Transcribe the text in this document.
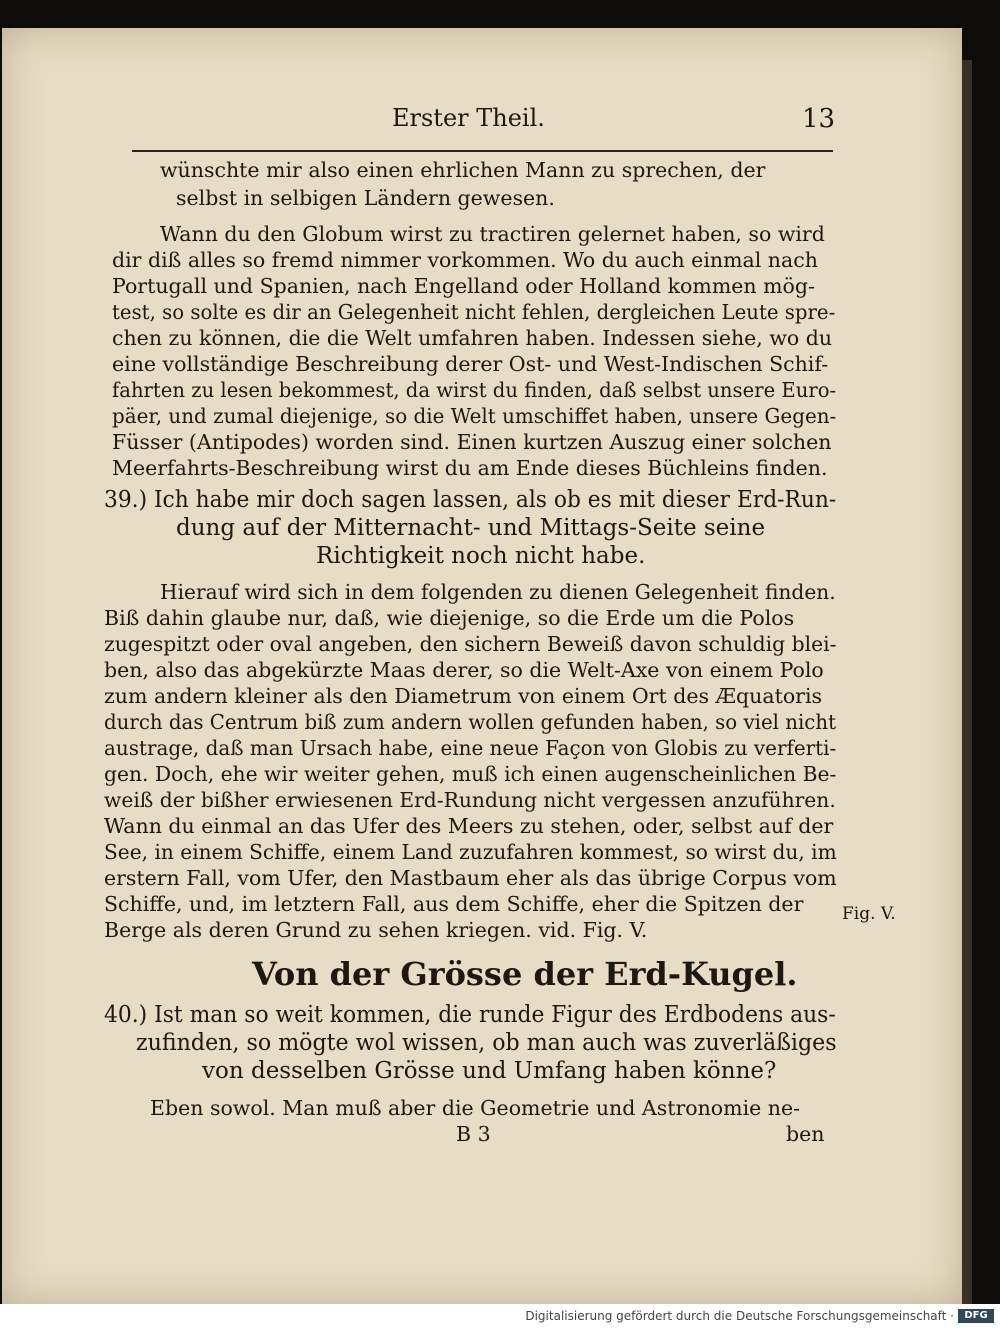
Erster Theil.	13
wünschte mir also einen ehrlichen Mann zu sprechen, der
selbst in selbigen Ländern gewesen.
Wann du den Globum wirst zu tractiren gelernet haben, so wird
dir diß alles so fremd nimmer vorkommen. Wo du auch einmal nach
Portugall und Spanien, nach Engelland oder Holland kommen mög-
test, so solte es dir an Gelegenheit nicht fehlen, dergleichen Leute spre-
chen zu können, die die Welt umfahren haben. Indessen siehe, wo du
eine vollständige Beschreibung derer Ost- und West-Indischen Schif-
fahrten zu lesen bekommest, da wirst du finden, daß selbst unsere Euro-
päer, und zumal diejenige, so die Welt umschiffet haben, unsere Gegen-
Füsser (Antipodes) worden sind. Einen kurtzen Auszug einer solchen
Meerfahrts-Beschreibung wirst du am Ende dieses Büchleins finden.
39.) Ich habe mir doch sagen lassen, als ob es mit dieser Erd-Run-
dung auf der Mitternacht- und Mittags-Seite seine
Richtigkeit noch nicht habe.
Hierauf wird sich in dem folgenden zu dienen Gelegenheit finden.
Biß dahin glaube nur, daß, wie diejenige, so die Erde um die Polos
zugespitzt oder oval angeben, den sichern Beweiß davon schuldig blei-
ben, also das abgekürzte Maas derer, so die Welt-Axe von einem Polo
zum andern kleiner als den Diametrum von einem Ort des Æquatoris
durch das Centrum biß zum andern wollen gefunden haben, so viel nicht
austrage, daß man Ursach habe, eine neue Façon von Globis zu verferti-
gen. Doch, ehe wir weiter gehen, muß ich einen augenscheinlichen Be-
weiß der bißher erwiesenen Erd-Rundung nicht vergessen anzuführen.
Wann du einmal an das Ufer des Meers zu stehen, oder, selbst auf der
See, in einem Schiffe, einem Land zuzufahren kommest, so wirst du, im
erstern Fall, vom Ufer, den Mastbaum eher als das übrige Corpus vom
Schiffe, und, im letztern Fall, aus dem Schiffe, eher die Spitzen der
Berge als deren Grund zu sehen kriegen. vid. Fig. V.
Fig. V.
Von der Grösse der Erd-Kugel.
40.) Ist man so weit kommen, die runde Figur des Erdbodens aus-
zufinden, so mögte wol wissen, ob man auch was zuverläßiges
von desselben Grösse und Umfang haben könne?
Eben sowol. Man muß aber die Geometrie und Astronomie ne-
B 3	ben
Digitalisierung gefördert durch die Deutsche Forschungsgemeinschaft ·	DFG
